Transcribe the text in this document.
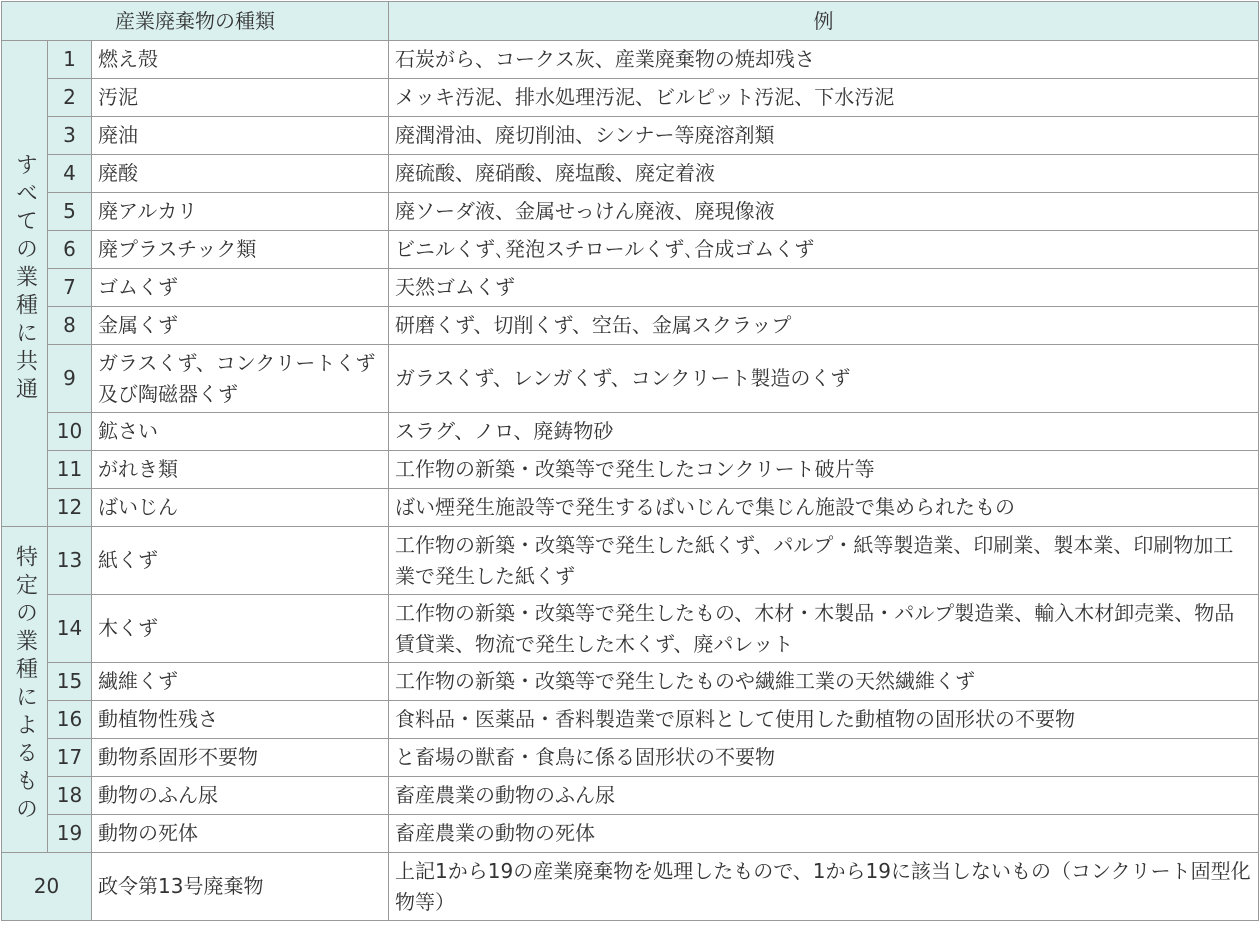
産業廃棄物の種類			例
すべての業種に共通	1	燃え殻	石炭がら、コークス灰、産業廃棄物の焼却残さ
	2	汚泥	メッキ汚泥、排水処理汚泥、ビルピット汚泥、下水汚泥
	3	廃油	廃潤滑油、廃切削油、シンナー等廃溶剤類
	4	廃酸	廃硫酸、廃硝酸、廃塩酸、廃定着液
	5	廃アルカリ	廃ソーダ液、金属せっけん廃液、廃現像液
	6	廃プラスチック類	ビニルくず､発泡スチロールくず､合成ゴムくず
	7	ゴムくず	天然ゴムくず
	8	金属くず	研磨くず、切削くず、空缶、金属スクラップ
	9	ガラスくず、コンクリートくず及び陶磁器くず	ガラスくず、レンガくず、コンクリート製造のくず
	10	鉱さい	スラグ、ノロ、廃鋳物砂
	11	がれき類	工作物の新築・改築等で発生したコンクリート破片等
	12	ばいじん	ばい煙発生施設等で発生するばいじんで集じん施設で集められたもの
特定の業種によるもの	13	紙くず	工作物の新築・改築等で発生した紙くず、パルプ・紙等製造業、印刷業、製本業、印刷物加工業で発生した紙くず
	14	木くず	工作物の新築・改築等で発生したもの、木材・木製品・パルプ製造業、輸入木材卸売業、物品賃貸業、物流で発生した木くず、廃パレット
	15	繊維くず	工作物の新築・改築等で発生したものや繊維工業の天然繊維くず
	16	動植物性残さ	食料品・医薬品・香料製造業で原料として使用した動植物の固形状の不要物
	17	動物系固形不要物	と畜場の獣畜・食鳥に係る固形状の不要物
	18	動物のふん尿	畜産農業の動物のふん尿
	19	動物の死体	畜産農業の動物の死体
20		政令第13号廃棄物	上記1から19の産業廃棄物を処理したもので、1から19に該当しないもの（コンクリート固型化物等）
